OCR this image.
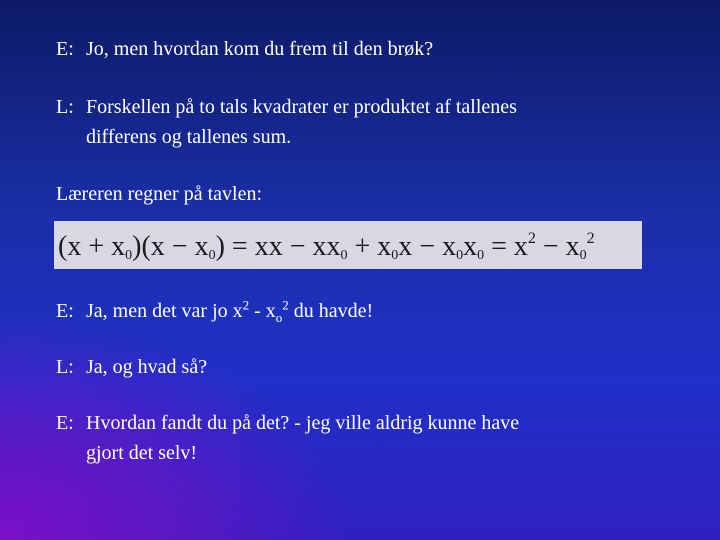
E: Jo, men hvordan kom du frem til den brøk?
L: Forskellen på to tals kvadrater er produktet af tallenes
differens og tallenes sum.
Læreren regner på tavlen:
(x + x0)(x − x0) = xx − $xx0 + x0x - x0x0 = x^2 - x0^2$
E: Ja, men det var jo $x^2 - x_o^2$ du havde!
L: Ja, og hvad så?
E: Hvordan fandt du på det? - jeg ville aldrig kunne have
gjort det selv!
